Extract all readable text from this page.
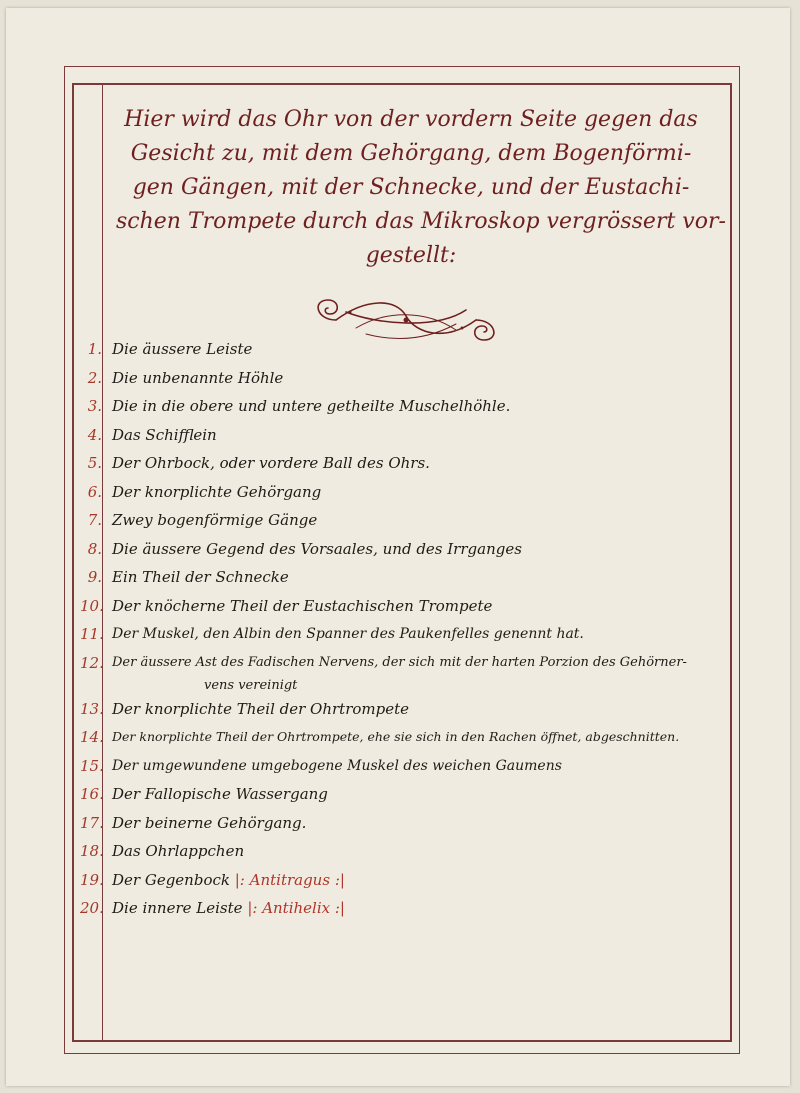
Hier wird das Ohr von der vordern Seite gegen das
Gesicht zu, mit dem Gehörgang, dem Bogenförmi-
gen Gängen, mit der Schnecke, und der Eustachi-
schen Trompete durch das Mikroskop vergrössert vor-
gestellt:
1. Die äussere Leiste
2. Die unbenannte Höhle
3. Die in die obere und untere getheilte Muschelhöhle.
4. Das Schifflein
5. Der Ohrbock, oder vordere Ball des Ohrs.
6. Der knorplichte Gehörgang
7. Zwey bogenförmige Gänge
8. Die äussere Gegend des Vorsaales, und des Irrganges
9. Ein Theil der Schnecke
10. Der knöcherne Theil der Eustachischen Trompete
11. Der Muskel, den Albin den Spanner des Paukenfelles genennt hat.
12. Der äussere Ast des Fadischen Nervens, der sich mit der harten Porzion des Gehörner-
vens vereinigt
13. Der knorplichte Theil der Ohrtrompete
14. Der knorplichte Theil der Ohrtrompete, ehe sie sich in den Rachen öffnet, abgeschnitten.
15. Der umgewundene umgebogene Muskel des weichen Gaumens
16. Der Fallopische Wassergang
17. Der beinerne Gehörgang.
18. Das Ohrlappchen
19. Der Gegenbock |: Antitragus :|
20. Die innere Leiste |: Antihelix :|
